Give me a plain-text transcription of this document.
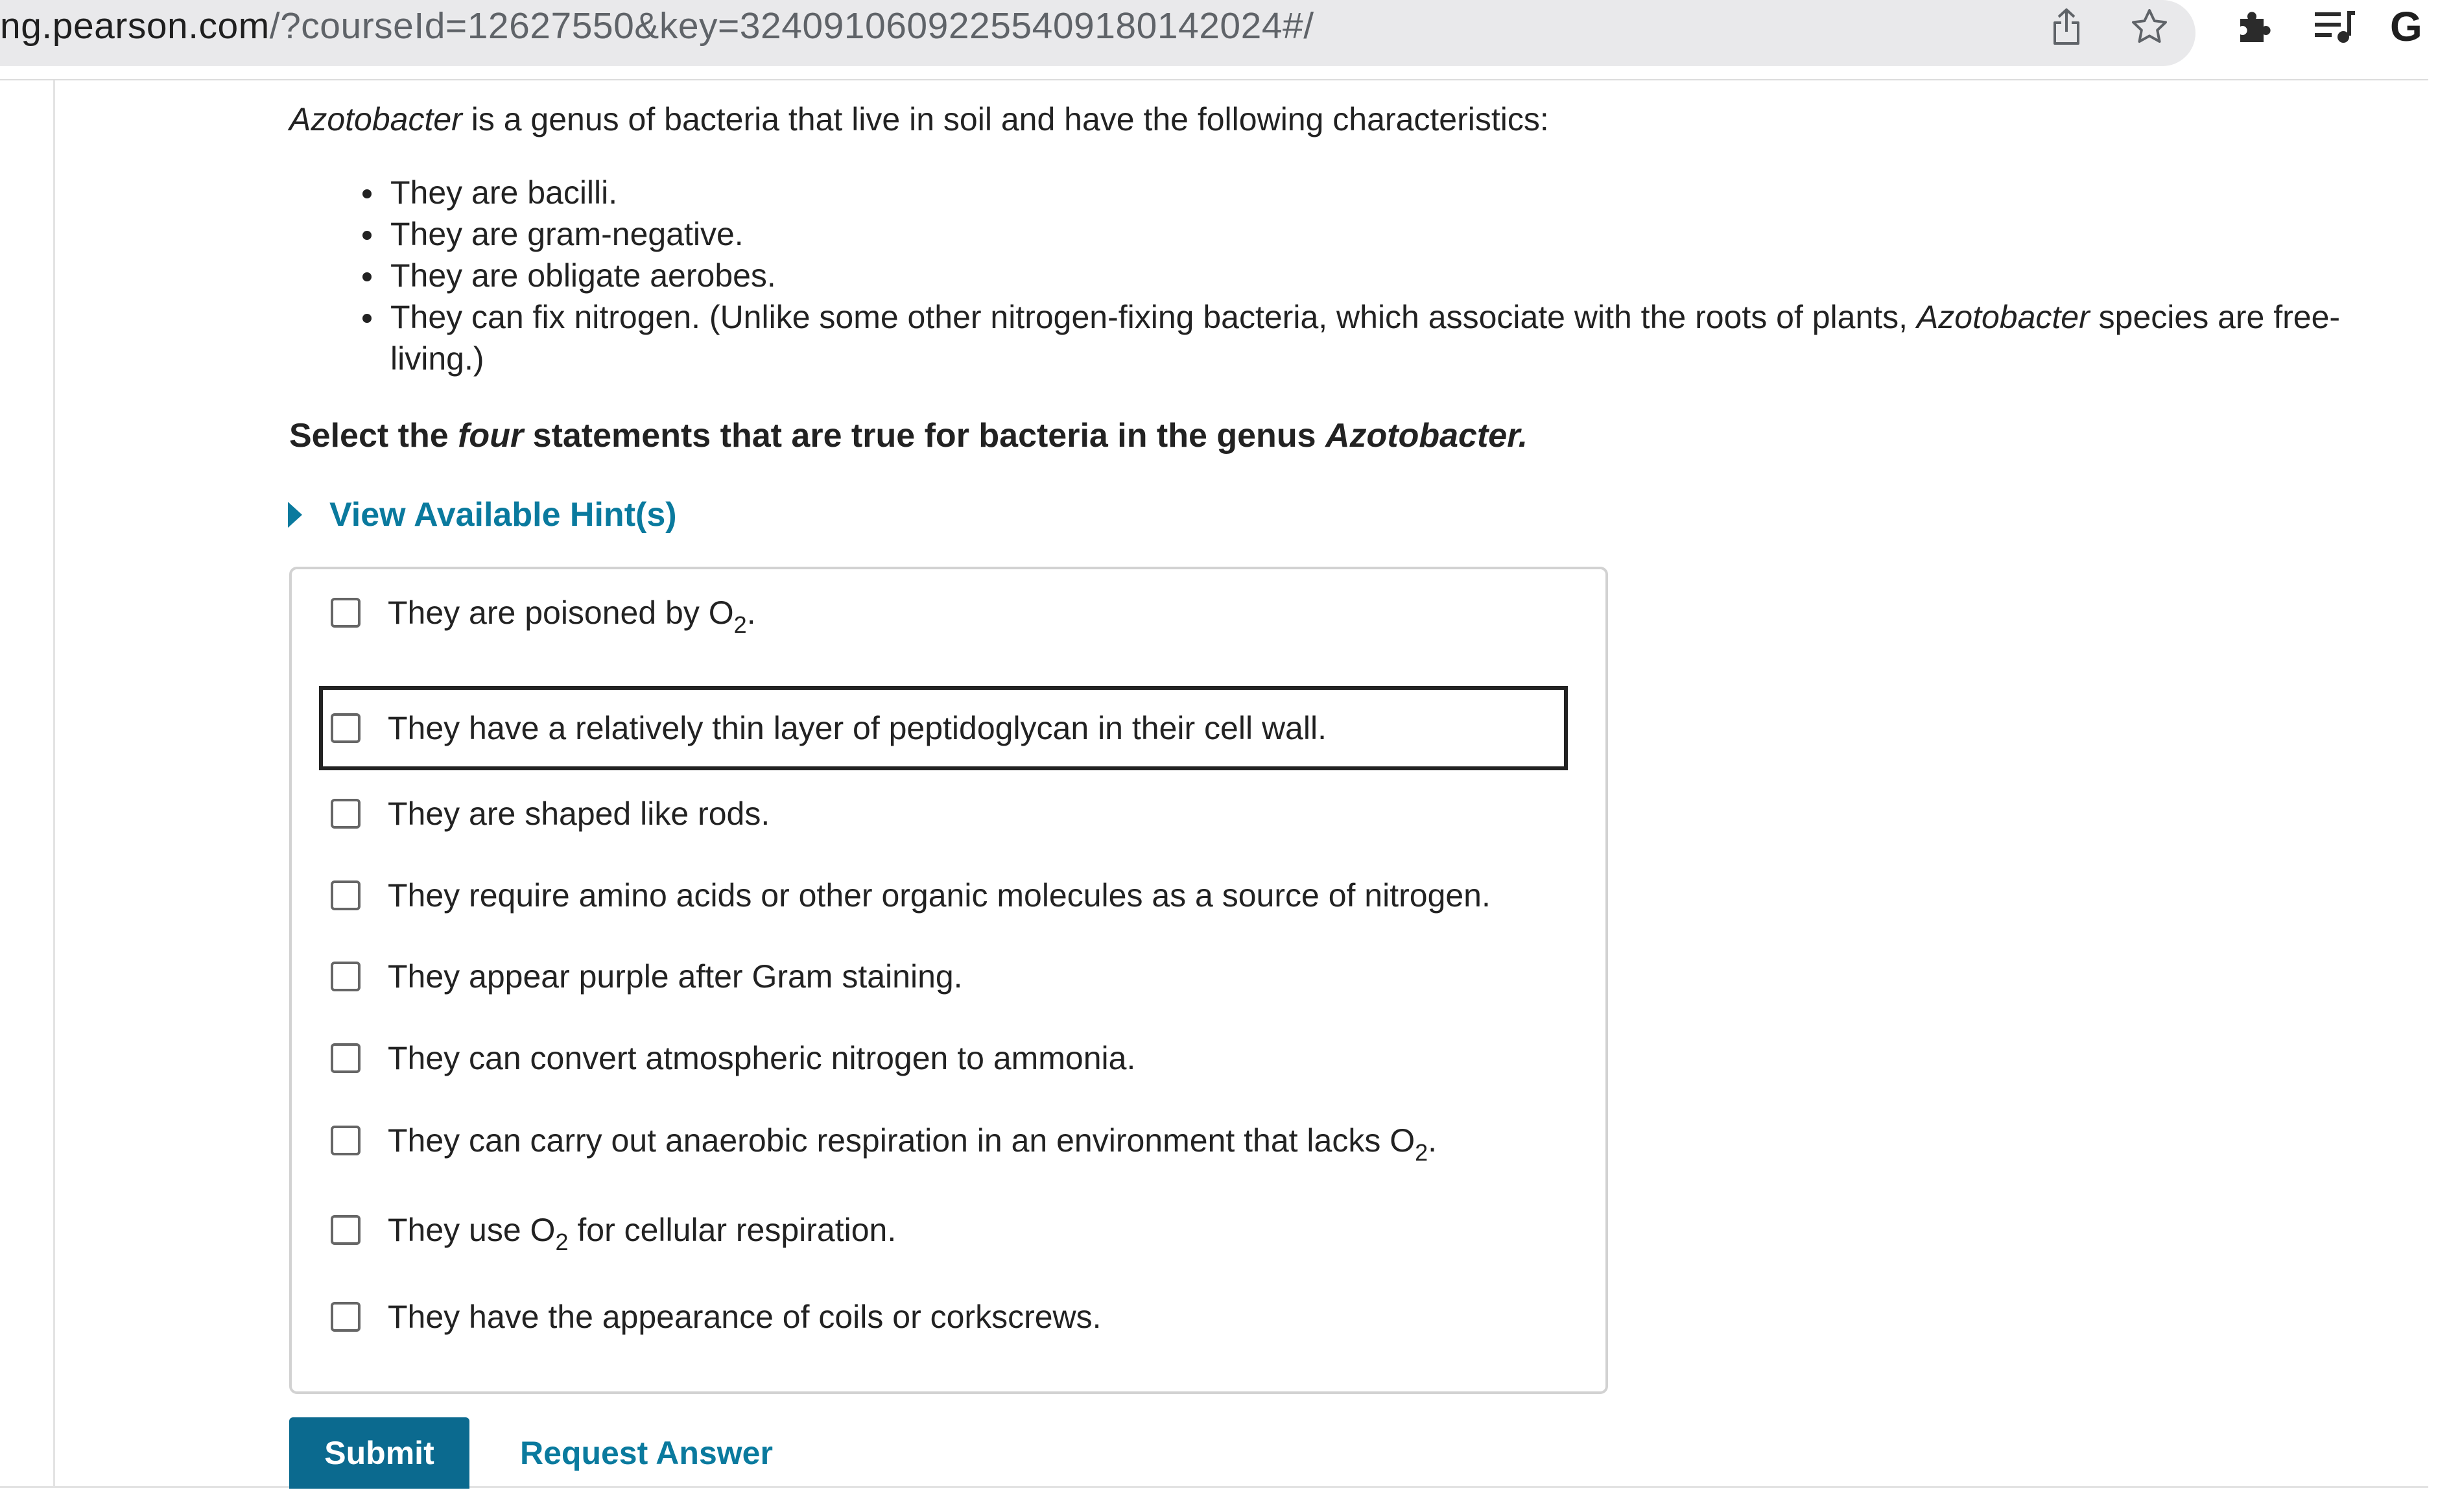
ng.pearson.com/?courseId=12627550&key=324091060922554091801420​24#/	G
Azotobacter is a genus of bacteria that live in soil and have the following characteristics:
They are bacilli.
They are gram-negative.
They are obligate aerobes.
They can fix nitrogen. (Unlike some other nitrogen-fixing bacteria, which associate with the roots of plants, Azotobacter species are free-living.)
Select the four statements that are true for bacteria in the genus Azotobacter.
View Available Hint(s)
They are poisoned by $O_2$.
They have a relatively thin layer of peptidoglycan in their cell wall.
They are shaped like rods.
They require amino acids or other organic molecules as a source of nitrogen.
They appear purple after Gram staining.
They can convert atmospheric nitrogen to ammonia.
They can carry out anaerobic respiration in an environment that lacks $O_2$.
They use $O_2$ for cellular respiration.
They have the appearance of coils or corkscrews.
Submit	Request Answer
